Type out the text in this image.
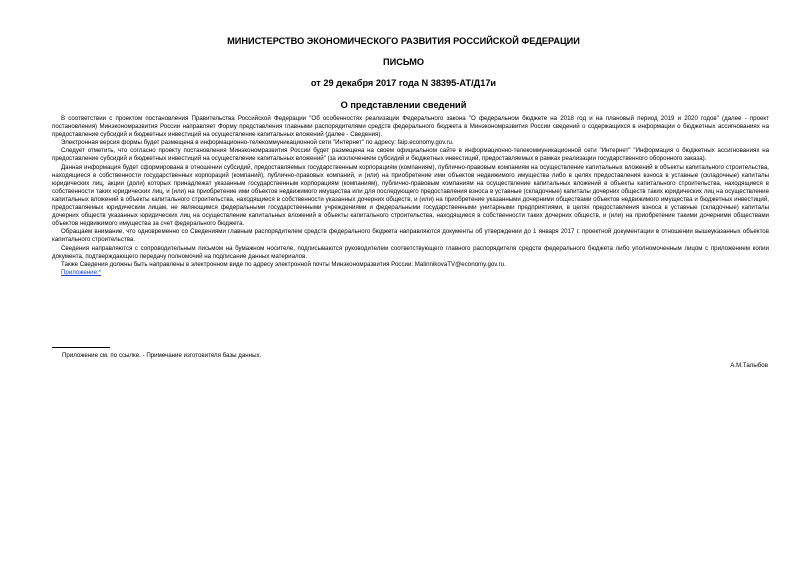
МИНИСТЕРСТВО ЭКОНОМИЧЕСКОГО РАЗВИТИЯ РОССИЙСКОЙ ФЕДЕРАЦИИ
ПИСЬМО
от 29 декабря 2017 года N 38395-АТ/Д17и
О представлении сведений

В соответствии с проектом постановления Правительства Российской Федерации "Об особенностях реализации Федерального закона "О федеральном бюджете на 2018 год и на плановый период 2019 и 2020 годов" (далее - проект постановления) Минэкономразвития России направляет Форму представления главными распорядителями средств федерального бюджета в Минэкономразвития России сведений о содержащихся в информации о бюджетных ассигнованиях на предоставление субсидий и бюджетных инвестиций на осуществление капитальных вложений (далее - Сведения).

Электронная версия формы будет размещена в информационно-телекоммуникационной сети "Интернет" по адресу: faip.economy.gov.ru.

Следует отметить, что согласно проекту постановления Минэкономразвития России будет размещена на своем официальном сайте в информационно-телекоммуникационной сети "Интернет" "Информация о бюджетных ассигнованиях на предоставление субсидий и бюджетных инвестиций на осуществление капитальных вложений" (за исключением субсидий и бюджетных инвестиций, предоставляемых в рамках реализации государственного оборонного заказа).

Данная информация будет сформирована в отношении субсидий, предоставляемых государственным корпорациям (компаниям), публично-правовым компаниям на осуществление капитальных вложений в объекты капитального строительства, находящиеся в собственности государственных корпораций (компаний), публично-правовых компаний, и (или) на приобретение ими объектов недвижимого имущества либо в целях предоставления взноса в уставные (складочные) капиталы юридических лиц, акции (доли) которых принадлежат указанным государственным корпорациям (компаниям), публично-правовым компаниям на осуществление капитальных вложений в объекты капитального строительства, находящиеся в собственности таких юридических лиц, и (или) на приобретение ими объектов недвижимого имущества или для последующего предоставления взноса в уставные (складочные) капиталы дочерних обществ таких юридических лиц на осуществление капитальных вложений в объекты капитального строительства, находящиеся в собственности указанных дочерних обществ, и (или) на приобретение указанными дочерними обществами объектов недвижимого имущества и бюджетных инвестиций, предоставляемых юридическим лицам, не являющимся федеральными государственными учреждениями и федеральными государственными унитарными предприятиями, в целях предоставления взноса в уставные (складочные) капиталы дочерних обществ указанных юридических лиц на осуществление капитальных вложений в объекты капитального строительства, находящиеся в собственности таких дочерних обществ, и (или) на приобретение такими дочерними обществами объектов недвижимого имущества за счет федерального бюджета.

Обращаем внимание, что одновременно со Сведениями главным распорядителем средств федерального бюджета направляются документы об утверждении до 1 января 2017 г. проектной документации в отношении вышеуказанных объектов капитального строительства.

Сведения направляются с сопроводительным письмом на бумажном носителе, подписываются руководителем соответствующего главного распорядителя средств федерального бюджета либо уполномоченным лицом с приложением копии документа, подтверждающего передачу полномочий на подписание данных материалов.

Также Сведения должны быть направлены в электронном виде по адресу электронной почты Минэкономразвития России: MalinnikovaTV@economy.gov.ru.

Приложение:*

Приложение см. по ссылке. - Примечание изготовителя базы данных.
А.М.Талыбов
